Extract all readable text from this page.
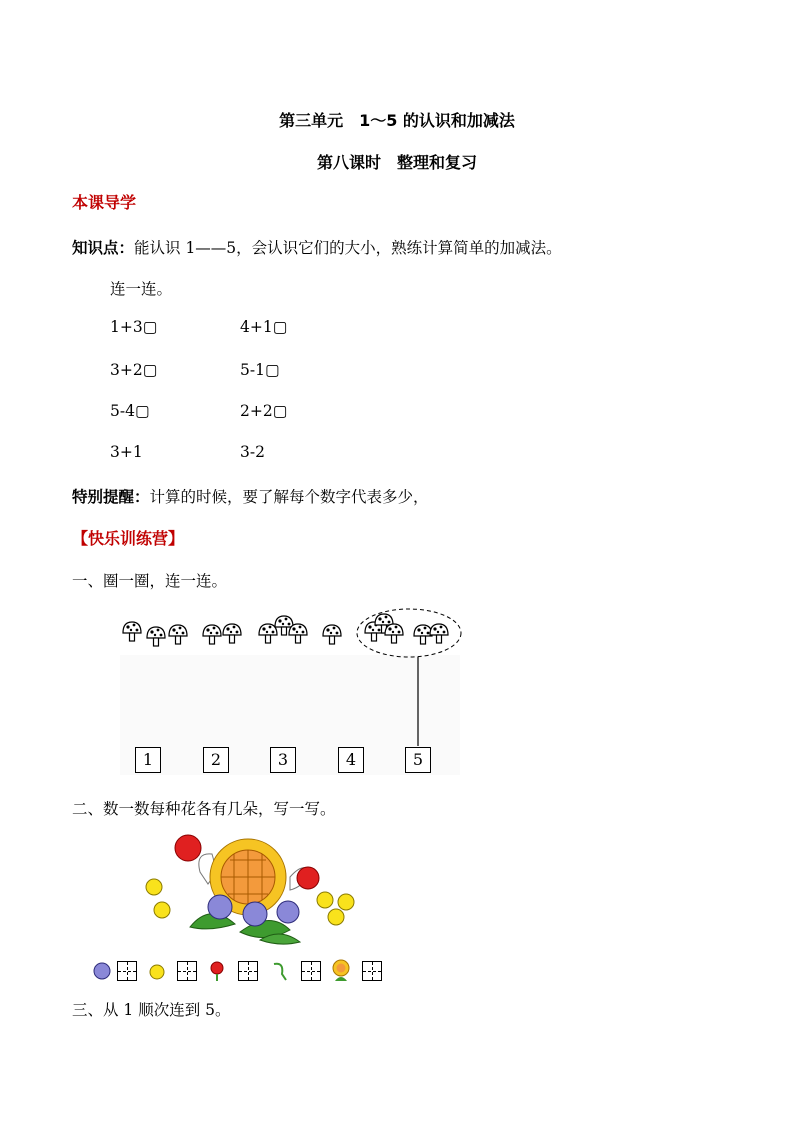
第三单元　1～5 的认识和加减法
第八课时　整理和复习
本课导学
知识点：能认识 1——5，会认识它们的大小，熟练计算简单的加减法。
连一连。
1+3▢	4+1▢
3+2▢	5-1▢
5-4▢	2+2▢
3+1	3-2
特别提醒：计算的时候，要了解每个数字代表多少，
【快乐训练营】
一、圈一圈，连一连。
1	2	3	4	5
二、数一数每种花各有几朵，写一写。
三、从 1 顺次连到 5。
